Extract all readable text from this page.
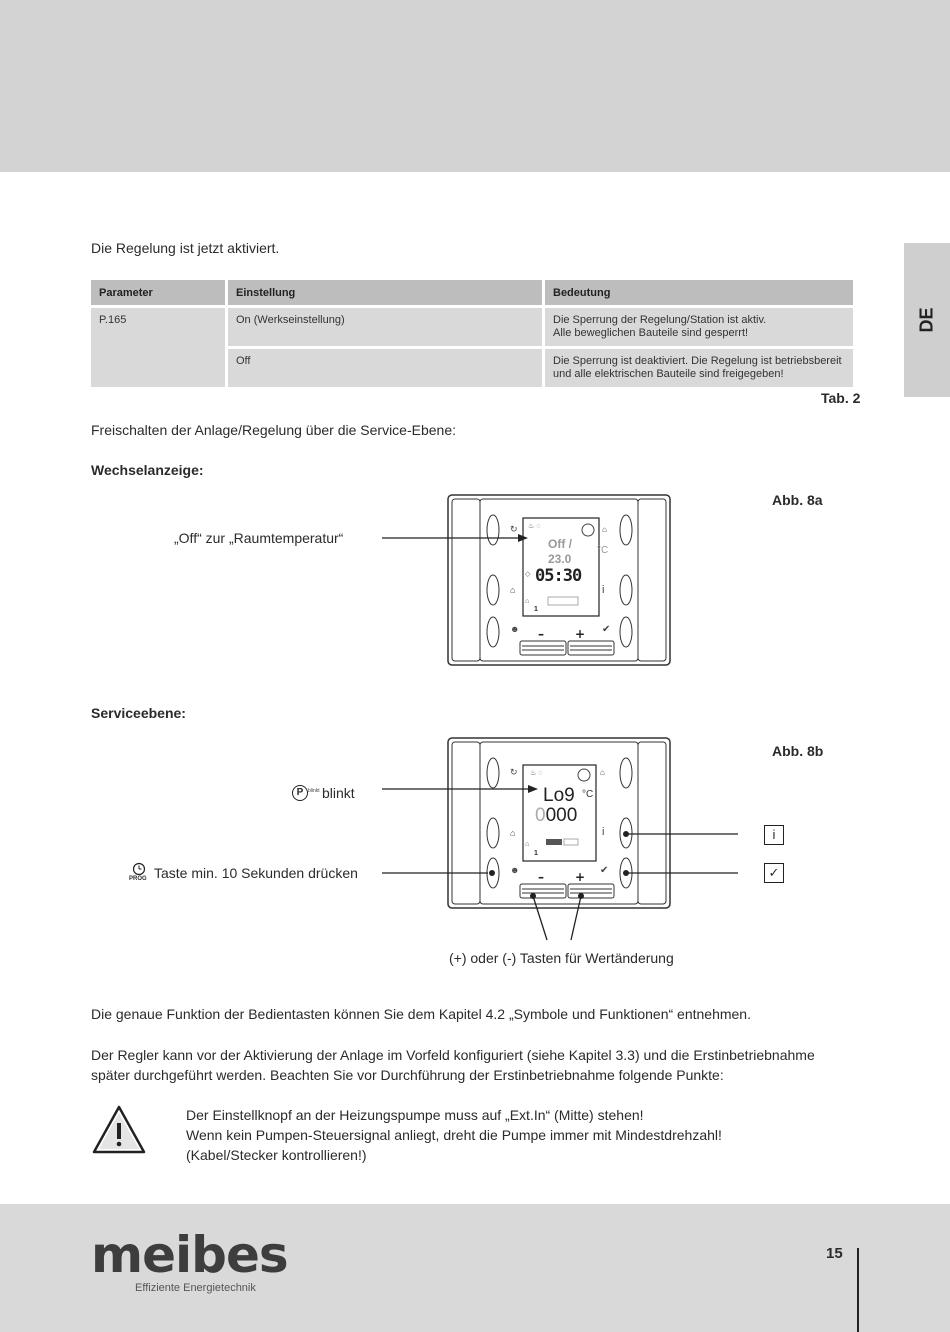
DE
Die Regelung ist jetzt aktiviert.
Parameter	Einstellung	Bedeutung
P.165	On (Werkseinstellung)	Die Sperrung der Regelung/Station ist aktiv.
Alle beweglichen Bauteile sind gesperrt!

	Off	Die Sperrung ist deaktiviert. Die Regelung ist betriebsbereit
und alle elektrischen Bauteile sind freigegeben!
Tab. 2
Freischalten der Anlage/Regelung über die Service-Ebene:
Wechselanzeige:
Abb. 8a
„Off“ zur „Raumtemperatur“
–	+
⌂
↻
⌂
☻	✔
°C
♨ ◌
◇
⌂
Off /
23.0
05:30
1
i
Serviceebene:
Abb. 8b
–	+
⌂
↻
⌂
☻	✔
°C
♨ ◌
⌂
Lo9
0000
1
i
P blinkt blinkt
PROG Taste min. 10 Sekunden drücken
i
✓
(+) oder (-) Tasten für Wertänderung
Die genaue Funktion der Bedientasten können Sie dem Kapitel 4.2 „Symbole und Funktionen“ entnehmen.
Der Regler kann vor der Aktivierung der Anlage im Vorfeld konfiguriert (siehe Kapitel 3.3) und die Erstinbetriebnahme
später durchgeführt werden. Beachten Sie vor Durchführung der Erstinbetriebnahme folgende Punkte:
Der Einstellknopf an der Heizungspumpe muss auf „Ext.In“ (Mitte) stehen!
Wenn kein Pumpen-Steuersignal anliegt, dreht die Pumpe immer mit Mindestdrehzahl!
(Kabel/Stecker kontrollieren!)
meibes
Effiziente Energietechnik
15
